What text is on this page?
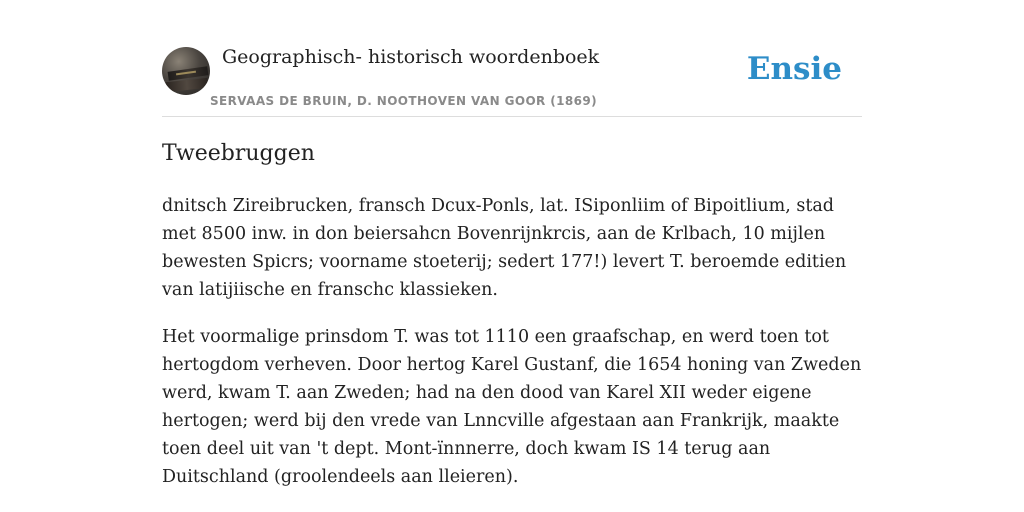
Geographisch- historisch woordenboek
SERVAAS DE BRUIN, D. NOOTHOVEN VAN GOOR (1869)
Ensie
Tweebruggen

dnitsch Zireibrucken, fransch Dcux-Ponls, lat. ISiponliim of Bipoitlium, stad met 8500 inw. in don beiersahcn Bovenrijnkrcis, aan de Krlbach, 10 mijlen bewesten Spicrs; voorname stoeterij; sedert 177!) levert T. beroemde editien van latijiische en franschc klassieken.

Het voormalige prinsdom T. was tot 1110 een graafschap, en werd toen tot hertogdom verheven. Door hertog Karel Gustanf, die 1654 honing van Zweden werd, kwam T. aan Zweden; had na den dood van Karel XII weder eigene hertogen; werd bij den vrede van Lnncville afgestaan aan Frankrijk, maakte toen deel uit van 't dept. Mont-ïnnnerre, doch kwam IS 14 terug aan Duitschland (groolendeels aan lleieren).
